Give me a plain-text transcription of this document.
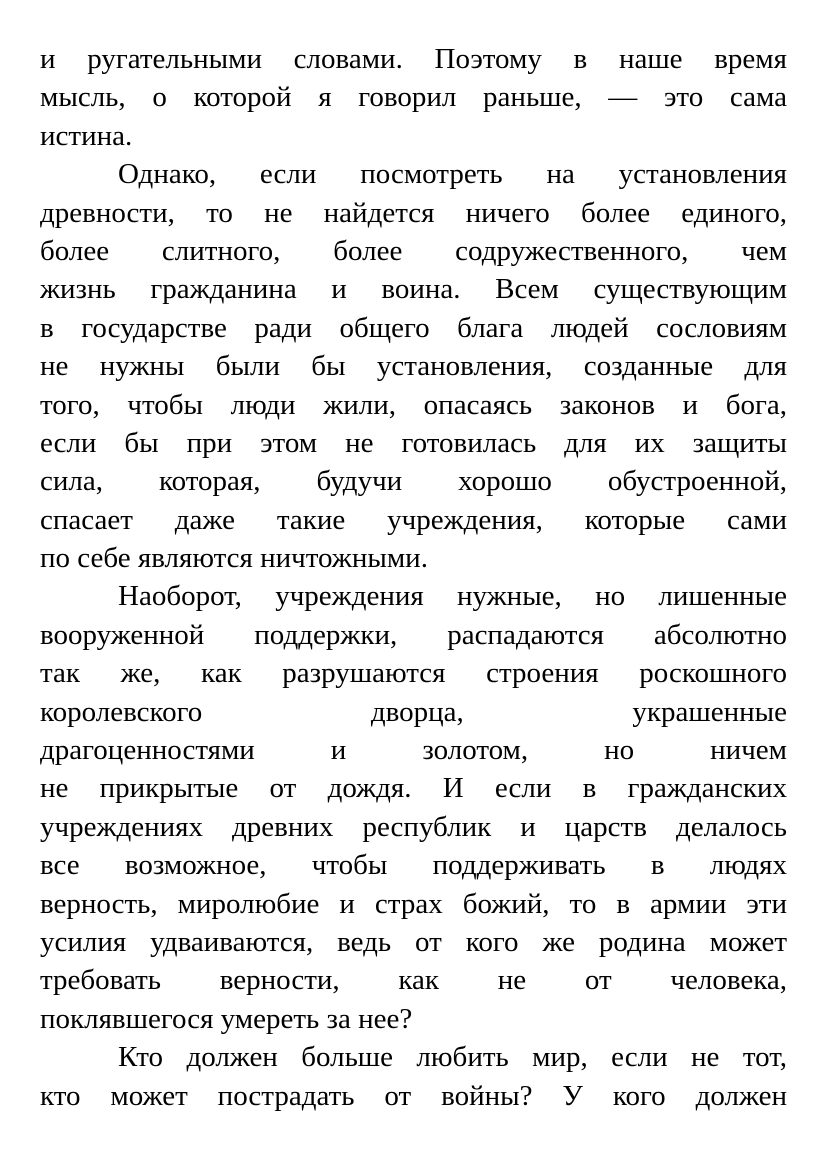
и ругательными словами. Поэтому в наше время
мысль, о которой я говорил раньше, — это сама
истина.
Однако, если посмотреть на установления
древности, то не найдется ничего более единого,
более слитного, более содружественного, чем
жизнь гражданина и воина. Всем существующим
в государстве ради общего блага людей сословиям
не нужны были бы установления, созданные для
того, чтобы люди жили, опасаясь законов и бога,
если бы при этом не готовилась для их защиты
сила, которая, будучи хорошо обустроенной,
спасает даже такие учреждения, которые сами
по себе являются ничтожными.
Наоборот, учреждения нужные, но лишенные
вооруженной поддержки, распадаются абсолютно
так же, как разрушаются строения роскошного
королевского дворца, украшенные
драгоценностями и золотом, но ничем
не прикрытые от дождя. И если в гражданских
учреждениях древних республик и царств делалось
все возможное, чтобы поддерживать в людях
верность, миролюбие и страх божий, то в армии эти
усилия удваиваются, ведь от кого же родина может
требовать верности, как не от человека,
поклявшегося умереть за нее?
Кто должен больше любить мир, если не тот,
кто может пострадать от войны? У кого должен
